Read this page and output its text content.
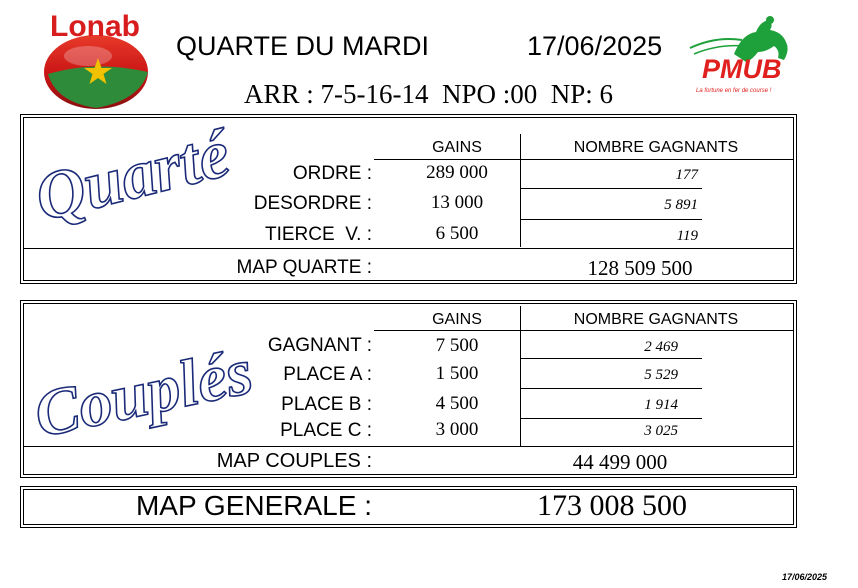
Lonab
PMUB
La fortune en fer de course !
QUARTE DU MARDI	17/06/2025
ARR : 7-5-16-14  NPO :00  NP: 6
Quarté	GAINS	NOMBRE GAGNANTS
ORDRE :	289 000	177
DESORDRE :	13 000	5 891
TIERCE  V. :	6 500	119
MAP QUARTE :	128 509 500
Couplés
GAINS	NOMBRE GAGNANTS
GAGNANT :	7 500	2 469
PLACE A :	1 500	5 529
PLACE B :	4 500	1 914
PLACE C :	3 000	3 025
MAP COUPLES :	44 499 000
MAP GENERALE :	173 008 500
17/06/2025
